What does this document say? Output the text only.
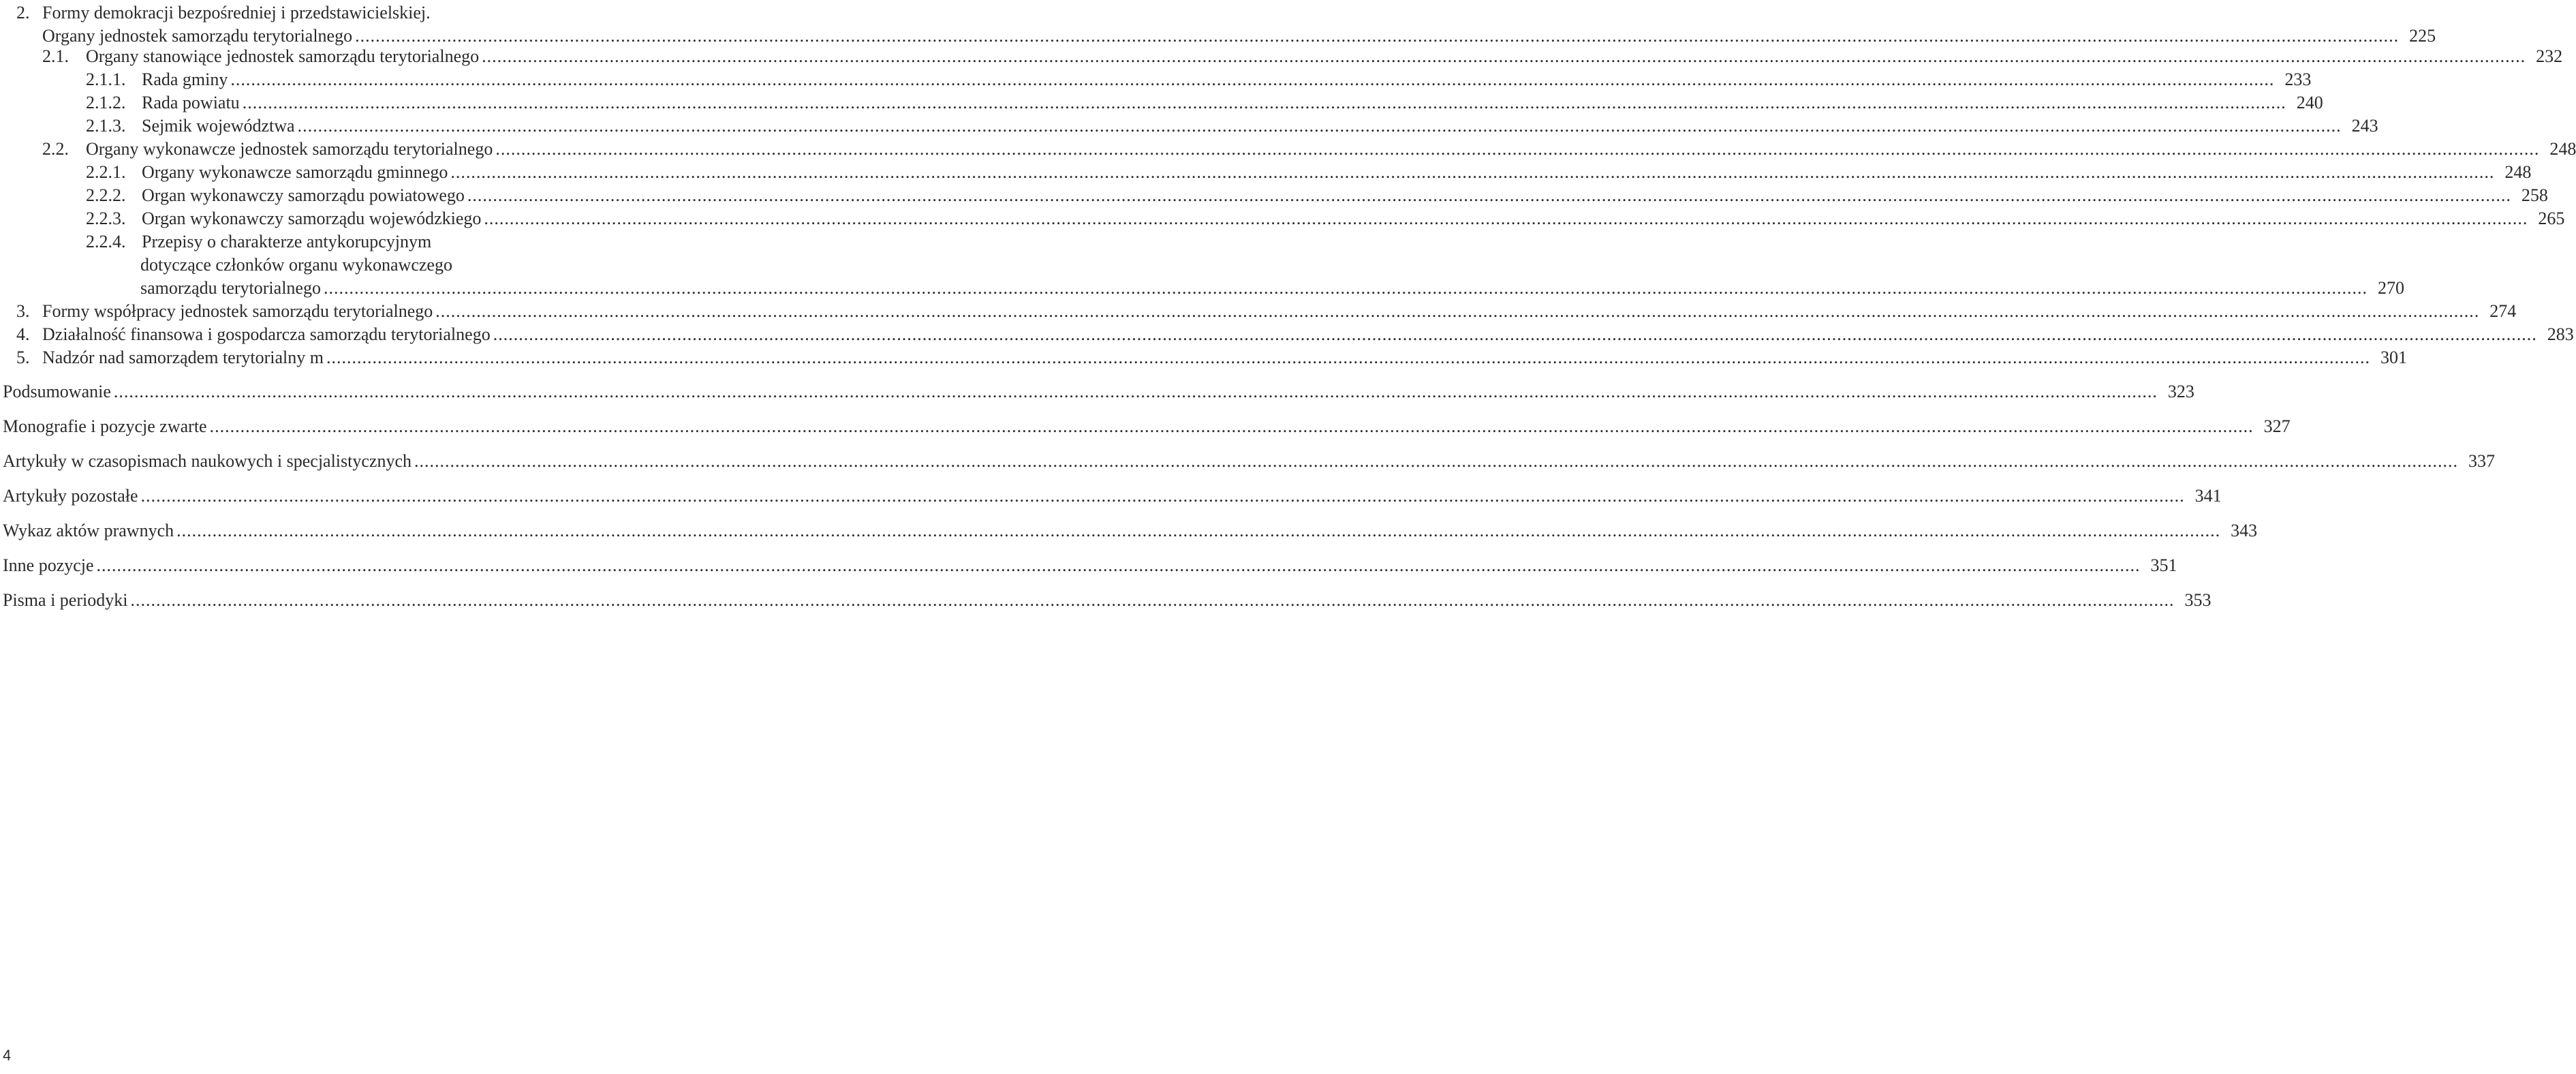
2. Formy demokracji bezpośredniej i przedstawicielskiej.
Organy jednostek samorządu terytorialnego ................................................................................................................................................................................................................................................................................................................................................................................................................ 225
2.1. Organy stanowiące jednostek samorządu terytorialnego ................................................................................................................................................................................................................................................................................................................................................................................................................ 232
2.1.1. Rada gminy ................................................................................................................................................................................................................................................................................................................................................................................................................ 233
2.1.2. Rada powiatu ................................................................................................................................................................................................................................................................................................................................................................................................................ 240
2.1.3. Sejmik województwa ................................................................................................................................................................................................................................................................................................................................................................................................................ 243
2.2. Organy wykonawcze jednostek samorządu terytorialnego ................................................................................................................................................................................................................................................................................................................................................................................................................ 248
2.2.1. Organy wykonawcze samorządu gminnego ................................................................................................................................................................................................................................................................................................................................................................................................................ 248
2.2.2. Organ wykonawczy samorządu powiatowego ................................................................................................................................................................................................................................................................................................................................................................................................................ 258
2.2.3. Organ wykonawczy samorządu wojewódzkiego ................................................................................................................................................................................................................................................................................................................................................................................................................ 265
2.2.4. Przepisy o charakterze antykorupcyjnym
dotyczące członków organu wykonawczego
samorządu terytorialnego ................................................................................................................................................................................................................................................................................................................................................................................................................ 270
3. Formy współpracy jednostek samorządu terytorialnego ................................................................................................................................................................................................................................................................................................................................................................................................................ 274
4. Działalność finansowa i gospodarcza samorządu terytorialnego ................................................................................................................................................................................................................................................................................................................................................................................................................ 283
5. Nadzór nad samorządem terytorialny m ................................................................................................................................................................................................................................................................................................................................................................................................................ 301
Podsumowanie ................................................................................................................................................................................................................................................................................................................................................................................................................ 323
Monografie i pozycje zwarte ................................................................................................................................................................................................................................................................................................................................................................................................................ 327
Artykuły w czasopismach naukowych i specjalistycznych ................................................................................................................................................................................................................................................................................................................................................................................................................ 337
Artykuły pozostałe ................................................................................................................................................................................................................................................................................................................................................................................................................ 341
Wykaz aktów prawnych ................................................................................................................................................................................................................................................................................................................................................................................................................ 343
Inne pozycje ................................................................................................................................................................................................................................................................................................................................................................................................................ 351
Pisma i periodyki ................................................................................................................................................................................................................................................................................................................................................................................................................ 353
4
